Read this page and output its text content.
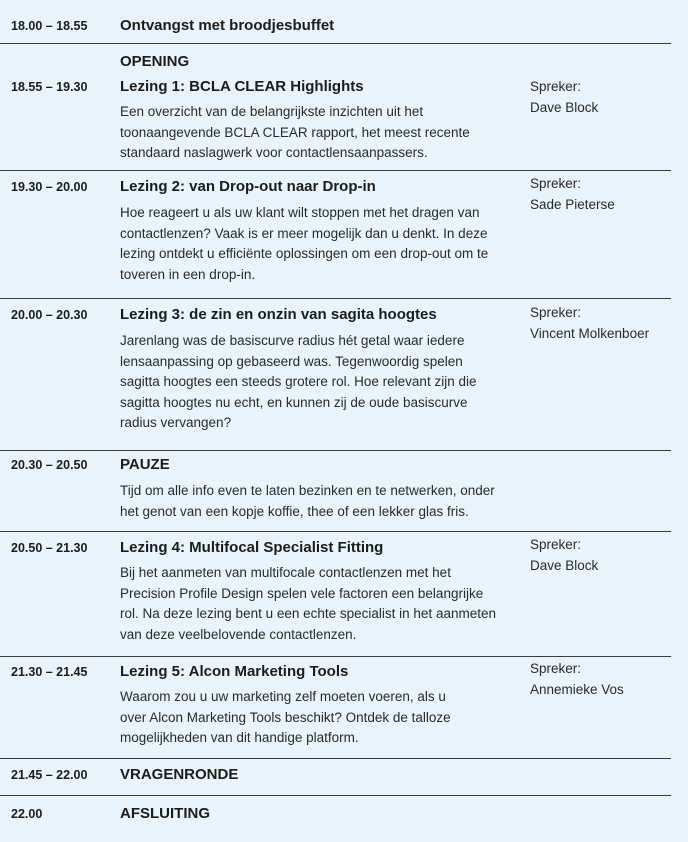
18.00 – 18.55 Ontvangst met broodjesbuffet
OPENING
18.55 – 19.30 Lezing 1: BCLA CLEAR Highlights
Een overzicht van de belangrijkste inzichten uit het
toonaangevende BCLA CLEAR rapport, het meest recente
standaard naslagwerk voor contactlensaanpassers.
Spreker:
Dave Block
19.30 – 20.00 Lezing 2: van Drop-out naar Drop-in
Hoe reageert u als uw klant wilt stoppen met het dragen van
contactlenzen? Vaak is er meer mogelijk dan u denkt. In deze
lezing ontdekt u efficiënte oplossingen om een drop-out om te
toveren in een drop-in.
Spreker:
Sade Pieterse
20.00 – 20.30 Lezing 3: de zin en onzin van sagita hoogtes
Jarenlang was de basiscurve radius hét getal waar iedere
lensaanpassing op gebaseerd was. Tegenwoordig spelen
sagitta hoogtes een steeds grotere rol. Hoe relevant zijn die
sagitta hoogtes nu echt, en kunnen zij de oude basiscurve
radius vervangen?
Spreker:
Vincent Molkenboer
20.30 – 20.50 PAUZE
Tijd om alle info even te laten bezinken en te netwerken, onder
het genot van een kopje koffie, thee of een lekker glas fris.
20.50 – 21.30 Lezing 4: Multifocal Specialist Fitting
Bij het aanmeten van multifocale contactlenzen met het
Precision Profile Design spelen vele factoren een belangrijke
rol. Na deze lezing bent u een echte specialist in het aanmeten
van deze veelbelovende contactlenzen.
Spreker:
Dave Block
21.30 – 21.45 Lezing 5: Alcon Marketing Tools
Waarom zou u uw marketing zelf moeten voeren, als u
over Alcon Marketing Tools beschikt? Ontdek de talloze
mogelijkheden van dit handige platform.
Spreker:
Annemieke Vos
21.45 – 22.00 VRAGENRONDE
22.00	AFSLUITING
